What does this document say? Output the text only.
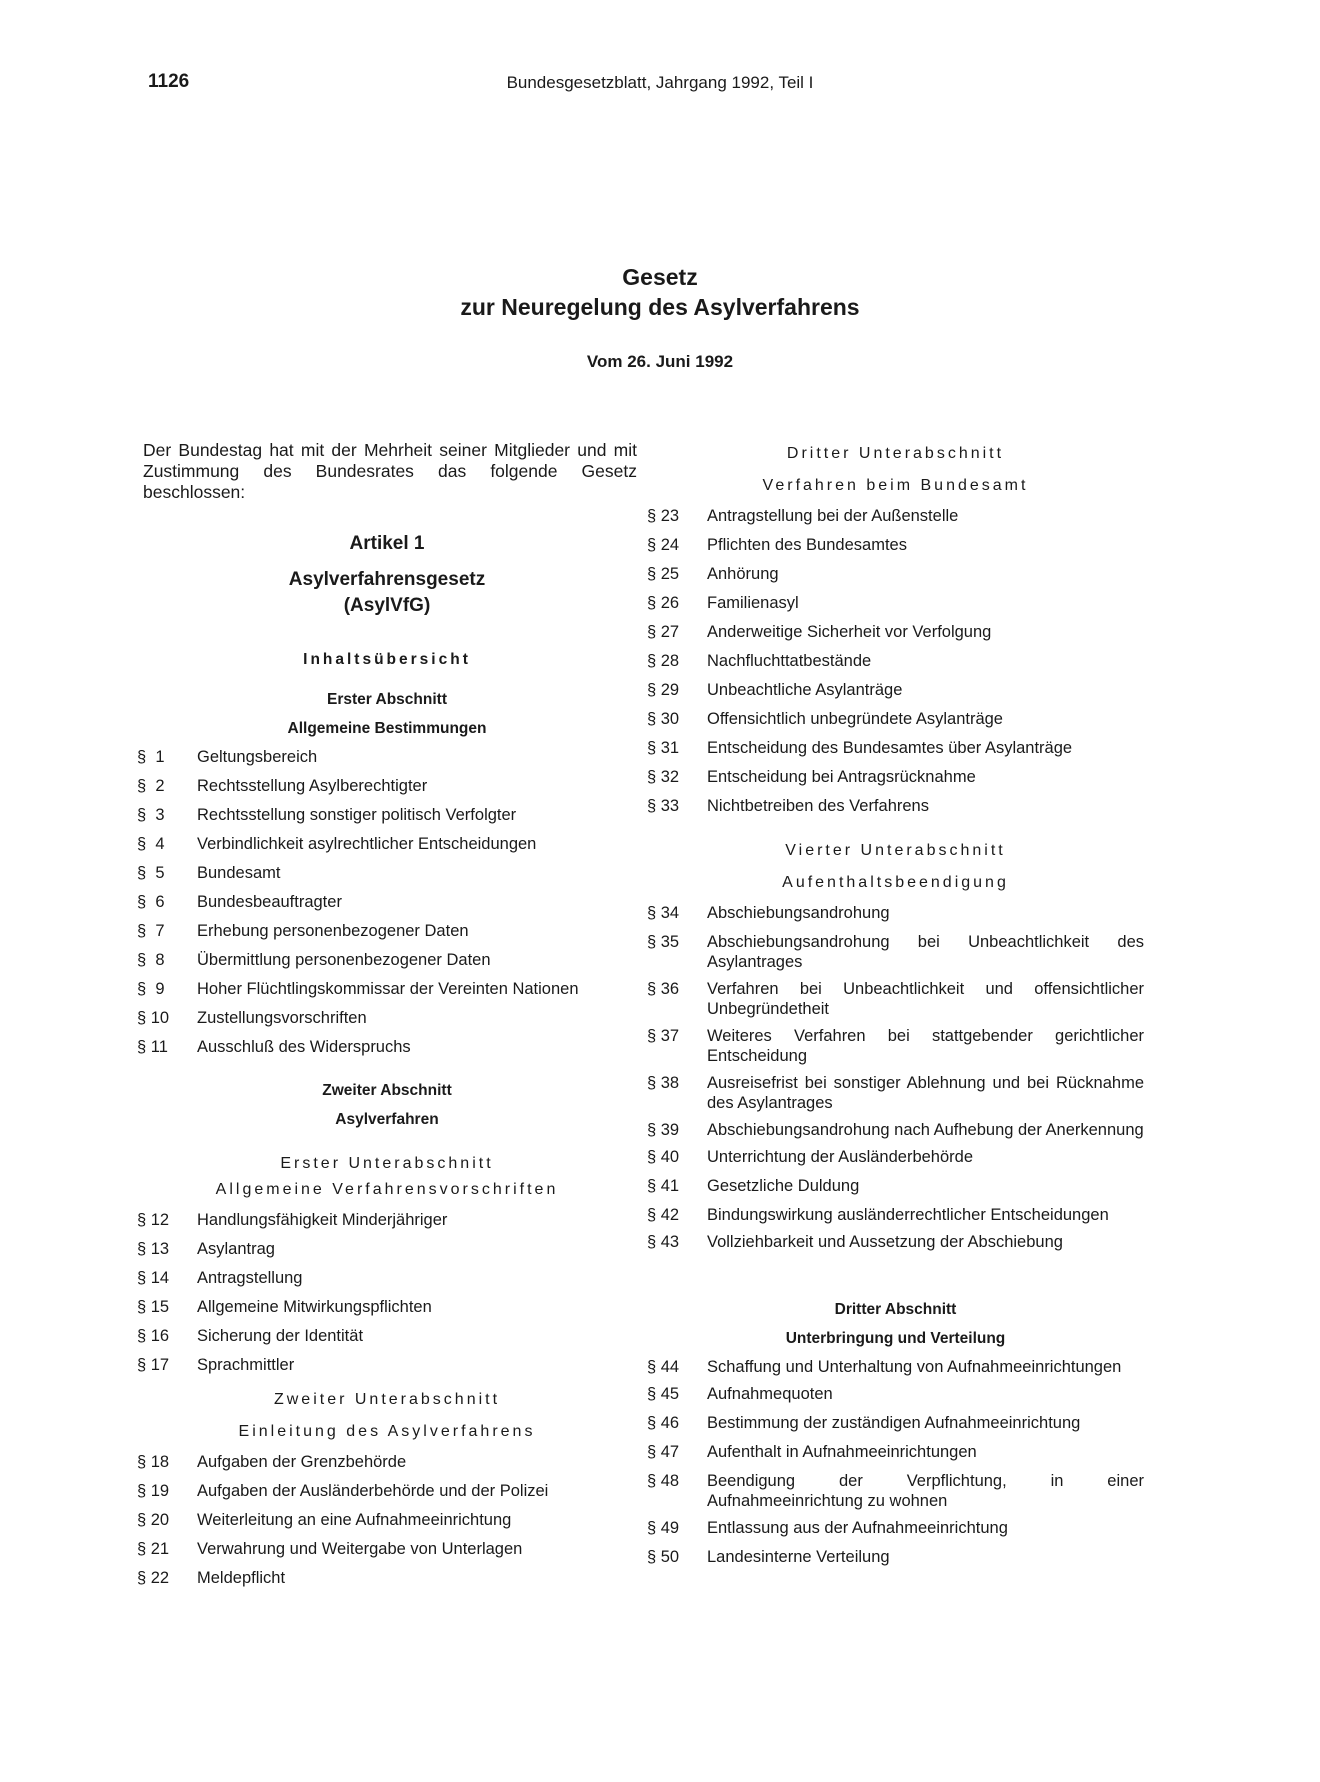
1126	Bundesgesetzblatt, Jahrgang 1992, Teil I
Gesetz
zur Neuregelung des Asylverfahrens
Vom 26. Juni 1992

Der Bundestag hat mit der Mehrheit seiner Mitglieder und mit Zustimmung des Bundesrates das folgende Gesetz beschlossen:

Artikel 1
Asylverfahrensgesetz
(AsylVfG)
Inhaltsübersicht
Erster Abschnitt
Allgemeine Bestimmungen
§  1	Geltungsbereich
§  2	Rechtsstellung Asylberechtigter
§  3	Rechtsstellung sonstiger politisch Verfolgter
§  4	Verbindlichkeit asylrechtlicher Entscheidungen
§  5	Bundesamt
§  6	Bundesbeauftragter
§  7	Erhebung personenbezogener Daten
§  8	Übermittlung personenbezogener Daten
§  9	Hoher Flüchtlingskommissar der Vereinten Nationen
§ 10	Zustellungsvorschriften
§ 11	Ausschluß des Widerspruchs
Zweiter Abschnitt
Asylverfahren
Erster Unterabschnitt
Allgemeine Verfahrensvorschriften
§ 12	Handlungsfähigkeit Minderjähriger
§ 13	Asylantrag
§ 14	Antragstellung
§ 15	Allgemeine Mitwirkungspflichten
§ 16	Sicherung der Identität
§ 17	Sprachmittler
Zweiter Unterabschnitt
Einleitung des Asylverfahrens
§ 18	Aufgaben der Grenzbehörde
§ 19	Aufgaben der Ausländerbehörde und der Polizei
§ 20	Weiterleitung an eine Aufnahmeeinrichtung
§ 21	Verwahrung und Weitergabe von Unterlagen
§ 22	Meldepflicht
Dritter Unterabschnitt
Verfahren beim Bundesamt
§ 23	Antragstellung bei der Außenstelle
§ 24	Pflichten des Bundesamtes
§ 25	Anhörung
§ 26	Familienasyl
§ 27	Anderweitige Sicherheit vor Verfolgung
§ 28	Nachfluchttatbestände
§ 29	Unbeachtliche Asylanträge
§ 30	Offensichtlich unbegründete Asylanträge
§ 31	Entscheidung des Bundesamtes über Asylanträge
§ 32	Entscheidung bei Antragsrücknahme
§ 33	Nichtbetreiben des Verfahrens
Vierter Unterabschnitt
Aufenthaltsbeendigung
§ 34	Abschiebungsandrohung
§ 35	Abschiebungsandrohung bei Unbeachtlichkeit des Asylantrages
§ 36	Verfahren bei Unbeachtlichkeit und offensichtlicher Unbegründetheit
§ 37	Weiteres Verfahren bei stattgebender gerichtlicher Entscheidung
§ 38	Ausreisefrist bei sonstiger Ablehnung und bei Rücknahme des Asylantrages
§ 39	Abschiebungsandrohung nach Aufhebung der Anerkennung
§ 40	Unterrichtung der Ausländerbehörde
§ 41	Gesetzliche Duldung
§ 42	Bindungswirkung ausländerrechtlicher Entscheidungen
§ 43	Vollziehbarkeit und Aussetzung der Abschiebung
Dritter Abschnitt
Unterbringung und Verteilung
§ 44	Schaffung und Unterhaltung von Aufnahmeeinrichtungen
§ 45	Aufnahmequoten
§ 46	Bestimmung der zuständigen Aufnahmeeinrichtung
§ 47	Aufenthalt in Aufnahmeeinrichtungen
§ 48	Beendigung der Verpflichtung, in einer Aufnahmeeinrichtung zu wohnen
§ 49	Entlassung aus der Aufnahmeeinrichtung
§ 50	Landesinterne Verteilung
